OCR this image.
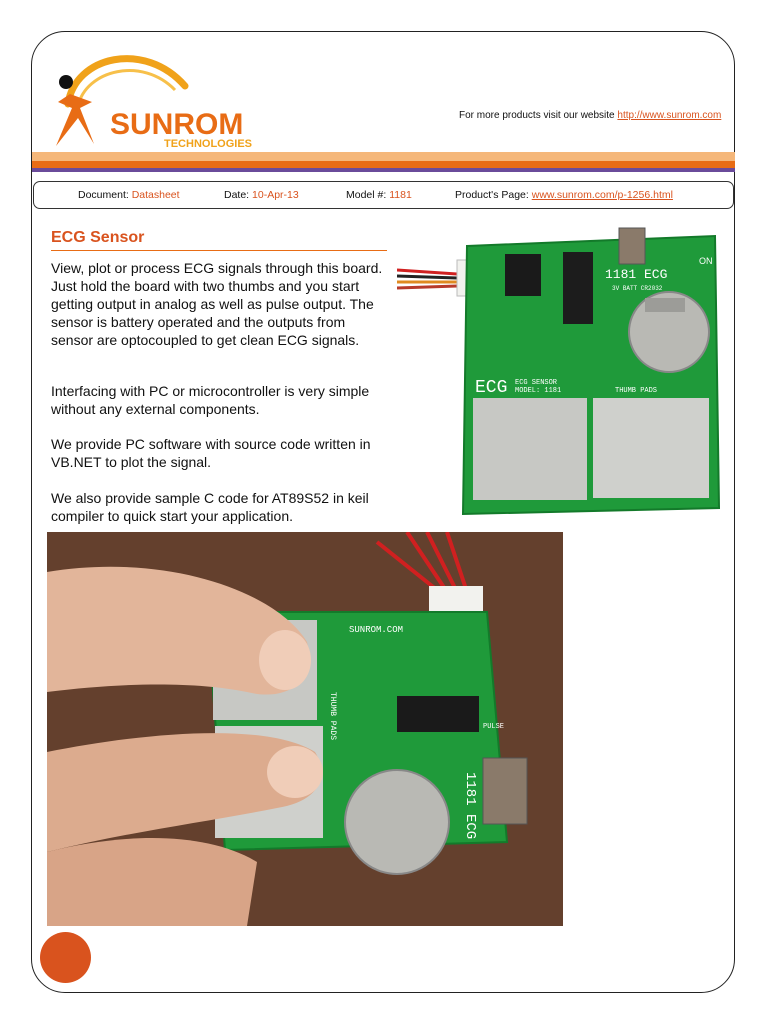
SUNROM
TECHNOLOGIES
For more products visit our website http://www.sunrom.com
Document: Datasheet	Date: 10-Apr-13	Model #: 1181	Product's Page: www.sunrom.com/p-1256.html
ECG Sensor

View, plot or process ECG signals through this board. Just hold the board with two thumbs and you start getting output in analog as well as pulse output. The sensor is battery operated and the outputs from sensor are optocoupled to get clean ECG signals.

Interfacing with PC or microcontroller is very simple without any external components.

We provide PC software with source code written in VB.NET to plot the signal.

We also provide sample C code for AT89S52 in keil compiler to quick start your application.

1181 ECG
3V BATT CR2032
ON
ECG ECG SENSOR
MODEL: 1181	THUMB PADS
1181 ECG
SUNROM.COM
PULSE
THUMB PADS
